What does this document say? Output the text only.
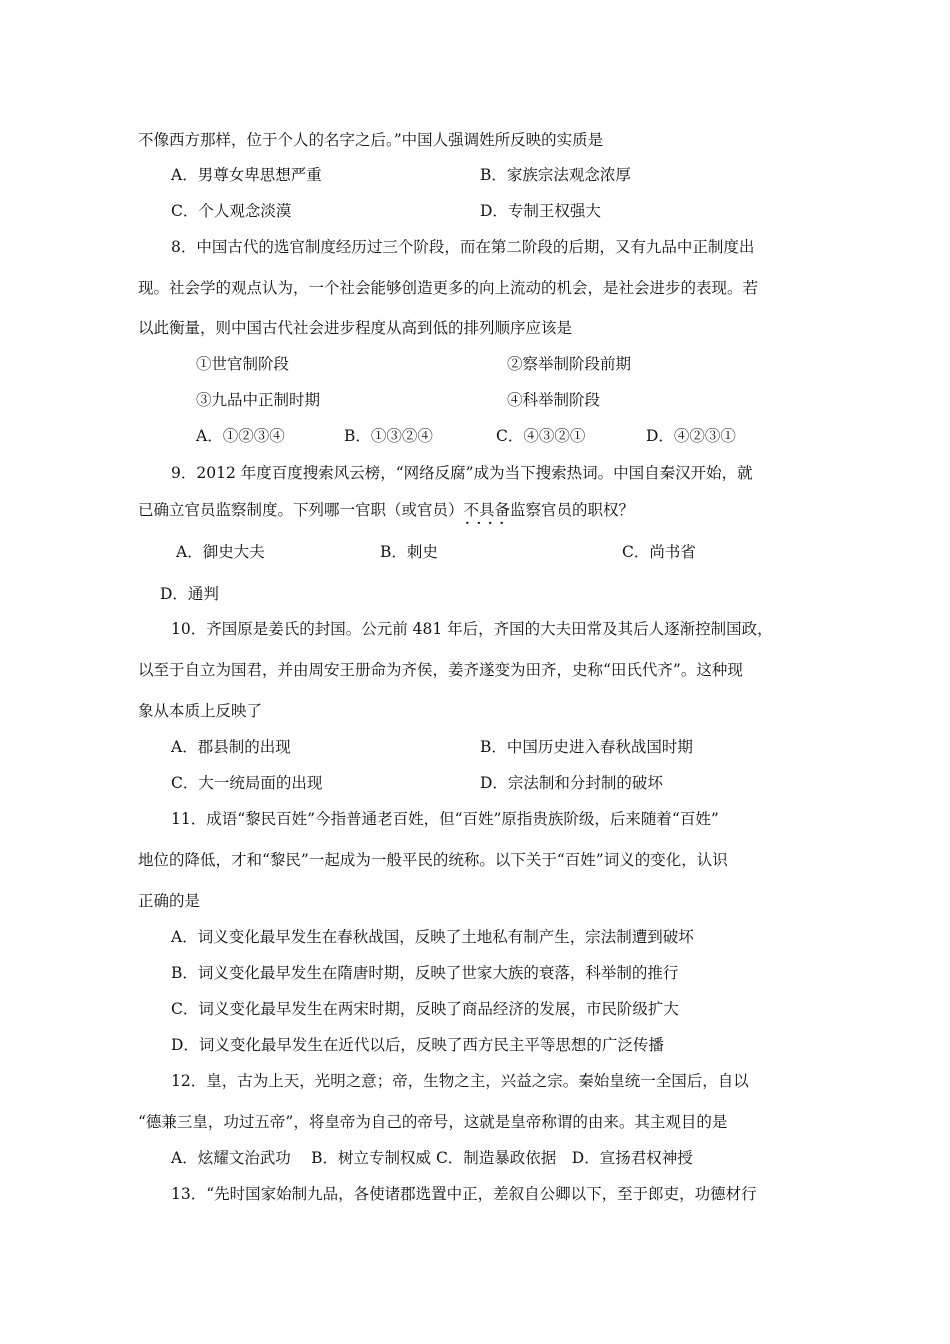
不像西方那样，位于个人的名字之后。”中国人强调姓所反映的实质是
A．男尊女卑思想严重	B．家族宗法观念浓厚
C．个人观念淡漠	D．专制王权强大
8．中国古代的选官制度经历过三个阶段，而在第二阶段的后期，又有九品中正制度出
现。社会学的观点认为，一个社会能够创造更多的向上流动的机会，是社会进步的表现。若
以此衡量，则中国古代社会进步程度从高到低的排列顺序应该是
①世官制阶段	②察举制阶段前期
③九品中正制时期	④科举制阶段
A．①②③④	B．①③②④	C．④③②①	D．④②③①
9．2012 年度百度搜索风云榜，“网络反腐”成为当下搜索热词。中国自秦汉开始，就
已确立官员监察制度。下列哪一官职（或官员）不具备 · ·监察官员的职权？
A．御史大夫	B．刺史	C．尚书省
D．通判
10．齐国原是姜氏的封国。公元前 481 年后，齐国的大夫田常及其后人逐渐控制国政，
以至于自立为国君，并由周安王册命为齐侯，姜齐遂变为田齐，史称“田氏代齐”。这种现
象从本质上反映了
A．郡县制的出现	B．中国历史进入春秋战国时期
C．大一统局面的出现	D．宗法制和分封制的破坏
11．成语“黎民百姓”今指普通老百姓，但“百姓”原指贵族阶级，后来随着“百姓”
地位的降低，才和“黎民”一起成为一般平民的统称。以下关于“百姓”词义的变化，认识
正确的是
A．词义变化最早发生在春秋战国，反映了土地私有制产生，宗法制遭到破坏
B．词义变化最早发生在隋唐时期，反映了世家大族的衰落，科举制的推行
C．词义变化最早发生在两宋时期，反映了商品经济的发展，市民阶级扩大
D．词义变化最早发生在近代以后，反映了西方民主平等思想的广泛传播
12．皇，古为上天，光明之意；帝，生物之主，兴益之宗。秦始皇统一全国后，自以
“德兼三皇，功过五帝”，将皇帝为自己的帝号，这就是皇帝称谓的由来。其主观目的是
A．炫耀文治武功　 B．树立专制权威 C．制造暴政依据　D．宣扬君权神授
13．“先时国家始制九品，各使诸郡选置中正，差叙自公卿以下，至于郎吏，功德材行
